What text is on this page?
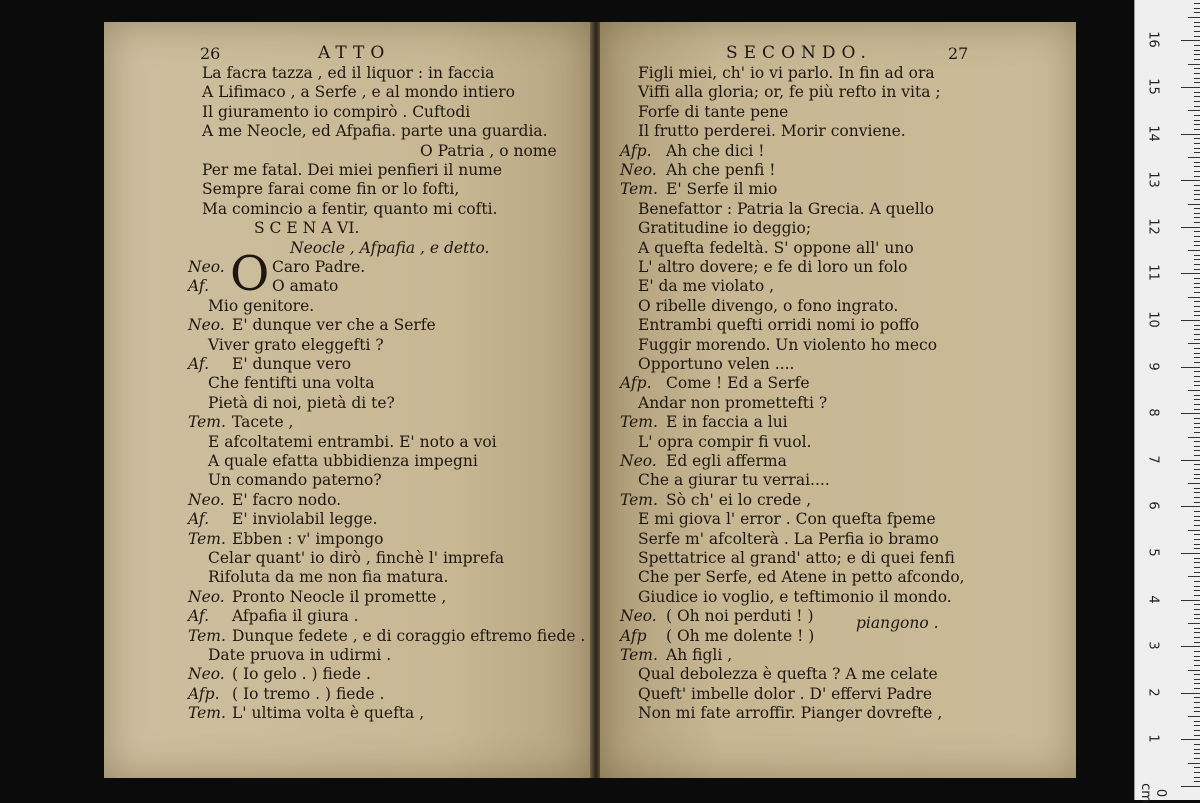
26	ATTO
O
La facra tazza , ed il liquor : in faccia
A Lifimaco , a Serfe , e al mondo intiero
Il giuramento io compirò . Cuftodi
A me Neocle, ed Afpafia. parte una guardia.
O Patria , o nome
Per me fatal. Dei miei penfieri il nume
Sempre farai come fin or lo fofti,
Ma comincio a fentir, quanto mi cofti.
S C E N A VI.
Neocle , Afpafia , e detto.
Neo.	Caro Padre.
Af.	O amato
Mio genitore.
Neo. E' dunque ver che a Serfe
Viver grato eleggefti ?
Af. E' dunque vero
Che fentifti una volta
Pietà di noi, pietà di te?
Tem. Tacete ,
E afcoltatemi entrambi. E' noto a voi
A quale efatta ubbidienza impegni
Un comando paterno?
Neo. E' facro nodo.
Af. E' inviolabil legge.
Tem. Ebben : v' impongo
Celar quant' io dirò , finchè l' imprefa
Rifoluta da me non fia matura.
Neo. Pronto Neocle il promette ,
Af. Afpafia il giura .
Tem. Dunque fedete , e di coraggio eftremo fiede .
Date pruova in udirmi .
Neo. ( Io gelo . ) fiede .
Afp. ( Io tremo . ) fiede .
Tem. L' ultima volta è quefta ,
SECONDO.	27
Figli miei, ch' io vi parlo. In fin ad ora
Viffi alla gloria; or, fe più refto in vita ;
Forfe di tante pene
Il frutto perderei. Morir conviene.
Afp. Ah che dici !
Neo. Ah che penfi !
Tem. E' Serfe il mio
Benefattor : Patria la Grecia. A quello
Gratitudine io deggio;
A quefta fedeltà. S' oppone all' uno
L' altro dovere; e fe di loro un folo
E' da me violato ,
O ribelle divengo, o fono ingrato.
Entrambi quefti orridi nomi io poffo
Fuggir morendo. Un violento ho meco
Opportuno velen ....
Afp. Come ! Ed a Serfe
Andar non promettefti ?
Tem. E in faccia a lui
L' opra compir fi vuol.
Neo. Ed egli afferma
Che a giurar tu verrai....
Tem. Sò ch' ei lo crede ,
E mi giova l' error . Con quefta fpeme
Serfe m' afcolterà . La Perfia io bramo
Spettatrice al grand' atto; e di quei fenfi
Che per Serfe, ed Atene in petto afcondo,
Giudice io voglio, e teftimonio il mondo.
Neo. ( Oh noi perduti ! )
Afp ( Oh me dolente ! )
Tem. Ah figli ,
Qual debolezza è quefta ? A me celate
Queft' imbelle dolor . D' effervi Padre
Non mi fate arroffir. Pianger dovrefte ,
piangono .
0 cm
1
2
3
4
5
6
7
8
9
10
11
12
13
14
15
16
